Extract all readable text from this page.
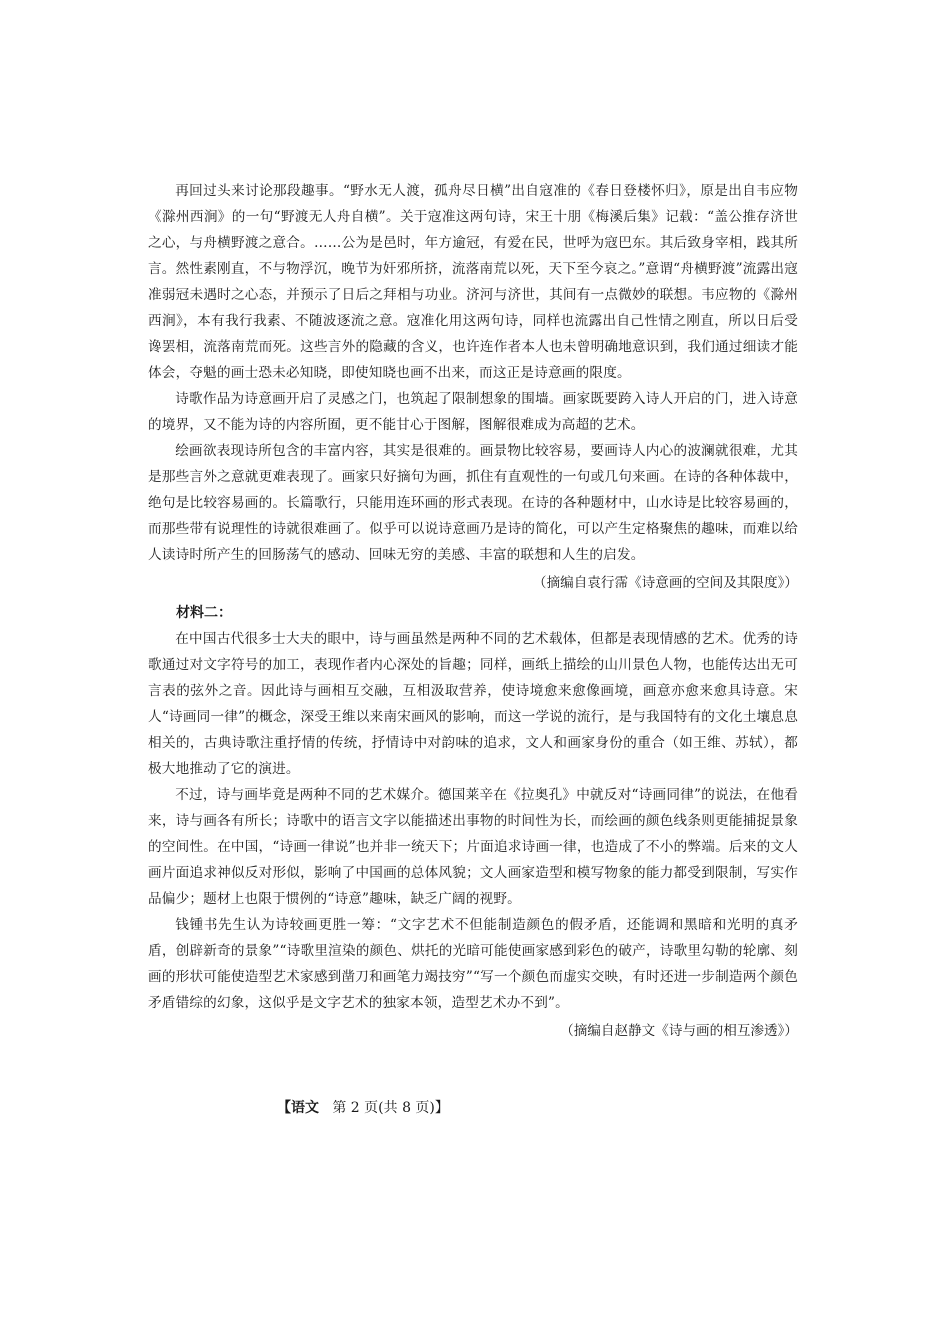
再回过头来讨论那段趣事。“野水无人渡，孤舟尽日横”出自寇准的《春日登楼怀归》，原是出自韦应物《滁州西涧》的一句“野渡无人舟自横”。关于寇准这两句诗，宋王十朋《梅溪后集》记载：“盖公推存济世之心，与舟横野渡之意合。……公为是邑时，年方逾冠，有爱在民，世呼为寇巴东。其后致身宰相，践其所言。然性素刚直，不与物浮沉，晚节为奸邪所挤，流落南荒以死，天下至今哀之。”意谓“舟横野渡”流露出寇准弱冠未遇时之心态，并预示了日后之拜相与功业。济河与济世，其间有一点微妙的联想。韦应物的《滁州西涧》，本有我行我素、不随波逐流之意。寇准化用这两句诗，同样也流露出自己性情之刚直，所以日后受谗罢相，流落南荒而死。这些言外的隐藏的含义，也许连作者本人也未曾明确地意识到，我们通过细读才能体会，夺魁的画士恐未必知晓，即使知晓也画不出来，而这正是诗意画的限度。

诗歌作品为诗意画开启了灵感之门，也筑起了限制想象的围墙。画家既要跨入诗人开启的门，进入诗意的境界，又不能为诗的内容所囿，更不能甘心于图解，图解很难成为高超的艺术。

绘画欲表现诗所包含的丰富内容，其实是很难的。画景物比较容易，要画诗人内心的波澜就很难，尤其是那些言外之意就更难表现了。画家只好摘句为画，抓住有直观性的一句或几句来画。在诗的各种体裁中，绝句是比较容易画的。长篇歌行，只能用连环画的形式表现。在诗的各种题材中，山水诗是比较容易画的，而那些带有说理性的诗就很难画了。似乎可以说诗意画乃是诗的简化，可以产生定格聚焦的趣味，而难以给人读诗时所产生的回肠荡气的感动、回味无穷的美感、丰富的联想和人生的启发。

（摘编自袁行霈《诗意画的空间及其限度》）
材料二：

在中国古代很多士大夫的眼中，诗与画虽然是两种不同的艺术载体，但都是表现情感的艺术。优秀的诗歌通过对文字符号的加工，表现作者内心深处的旨趣；同样，画纸上描绘的山川景色人物，也能传达出无可言表的弦外之音。因此诗与画相互交融，互相汲取营养，使诗境愈来愈像画境，画意亦愈来愈具诗意。宋人“诗画同一律”的概念，深受王维以来南宋画风的影响，而这一学说的流行，是与我国特有的文化土壤息息相关的，古典诗歌注重抒情的传统，抒情诗中对韵味的追求，文人和画家身份的重合（如王维、苏轼），都极大地推动了它的演进。

不过，诗与画毕竟是两种不同的艺术媒介。德国莱辛在《拉奥孔》中就反对“诗画同律”的说法，在他看来，诗与画各有所长；诗歌中的语言文字以能描述出事物的时间性为长，而绘画的颜色线条则更能捕捉景象的空间性。在中国，“诗画一律说”也并非一统天下；片面追求诗画一律，也造成了不小的弊端。后来的文人画片面追求神似反对形似，影响了中国画的总体风貌；文人画家造型和模写物象的能力都受到限制，写实作品偏少；题材上也限于惯例的“诗意”趣味，缺乏广阔的视野。

钱锺书先生认为诗较画更胜一筹：“文字艺术不但能制造颜色的假矛盾，还能调和黑暗和光明的真矛盾，创辟新奇的景象”“诗歌里渲染的颜色、烘托的光暗可能使画家感到彩色的破产，诗歌里勾勒的轮廓、刻画的形状可能使造型艺术家感到凿刀和画笔力竭技穷”“写一个颜色而虚实交映，有时还进一步制造两个颜色矛盾错综的幻象，这似乎是文字艺术的独家本领，造型艺术办不到”。

（摘编自赵静文《诗与画的相互渗透》）
【语文 第 2 页(共 8 页)】
